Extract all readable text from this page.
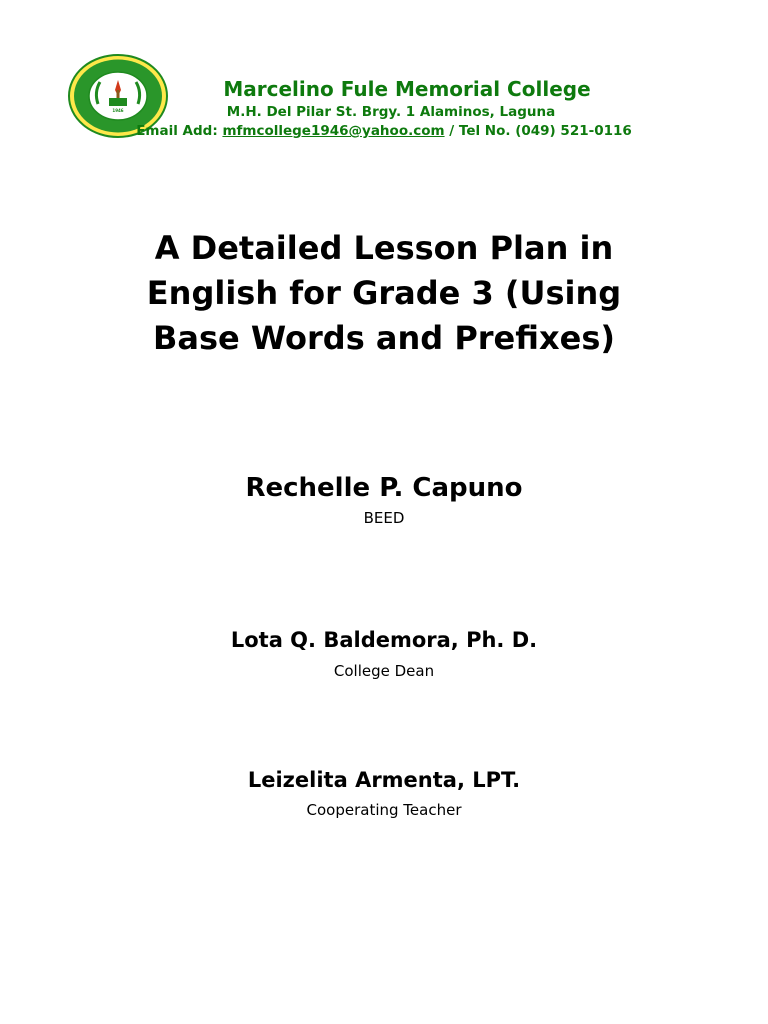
1946
Marcelino Fule Memorial College
M.H. Del Pilar St. Brgy. 1 Alaminos, Laguna
Email Add: mfmcollege1946@yahoo.com / Tel No. (049) 521-0116
A Detailed Lesson Plan in
English for Grade 3 (Using
Base Words and Prefixes)
Rechelle P. Capuno
BEED
Lota Q. Baldemora, Ph. D.
College Dean
Leizelita Armenta, LPT.
Cooperating Teacher
